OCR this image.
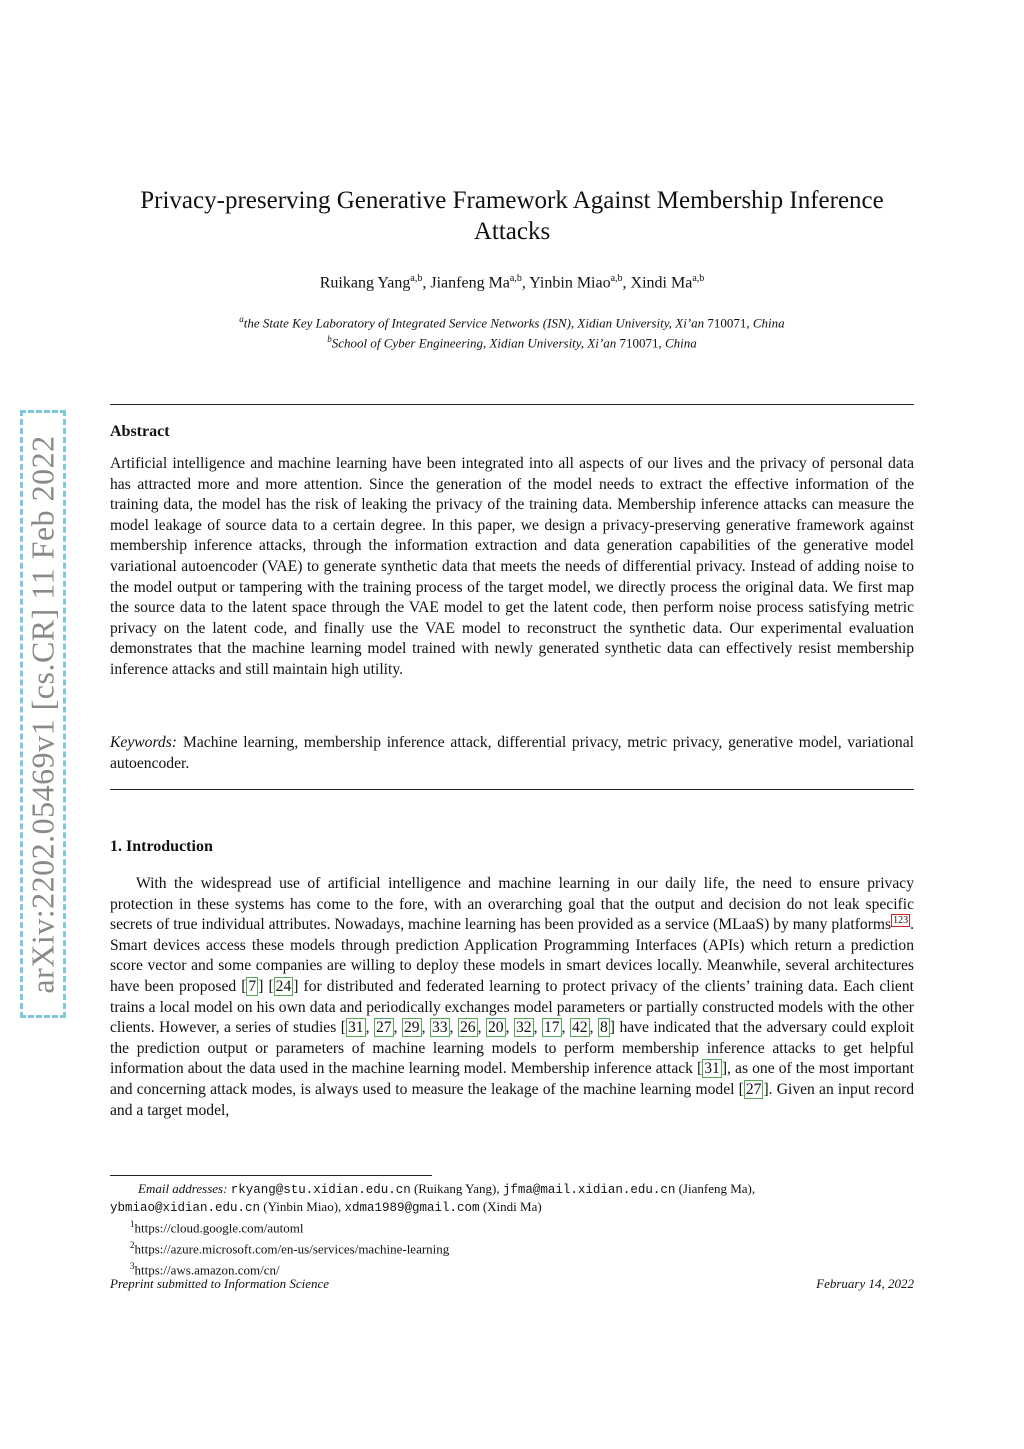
arXiv:2202.05469v1 [cs.CR] 11 Feb 2022
Privacy-preserving Generative Framework Against Membership Inference Attacks
Ruikang Yang$^{a,b}$, Jianfeng Ma$^{a,b}$, Yinbin Miao$^{a,b}$, Xindi Ma$^{a,b}$
$^a$the State Key Laboratory of Integrated Service Networks (ISN), Xidian University, Xi’an 710071, China
$^b$School of Cyber Engineering, Xidian University, Xi’an 710071, China
Abstract
Artificial intelligence and machine learning have been integrated into all aspects of our lives and the privacy of personal data has attracted more and more attention. Since the generation of the model needs to extract the effective information of the training data, the model has the risk of leaking the privacy of the training data. Membership inference attacks can measure the model leakage of source data to a certain degree. In this paper, we design a privacy-preserving generative framework against membership inference attacks, through the information extraction and data generation capabilities of the generative model variational autoencoder (VAE) to generate synthetic data that meets the needs of differential privacy. Instead of adding noise to the model output or tampering with the training process of the target model, we directly process the original data. We first map the source data to the latent space through the VAE model to get the latent code, then perform noise process satisfying metric privacy on the latent code, and finally use the VAE model to reconstruct the synthetic data. Our experimental evaluation demonstrates that the machine learning model trained with newly generated synthetic data can effectively resist membership inference attacks and still maintain high utility.
Keywords: Machine learning, membership inference attack, differential privacy, metric privacy, generative model, variational autoencoder.
1. Introduction
With the widespread use of artificial intelligence and machine learning in our daily life, the need to ensure privacy protection in these systems has come to the fore, with an overarching goal that the output and decision do not leak specific secrets of true individual attributes. Nowadays, machine learning has been provided as a service (MLaaS) by many platforms $^{123}$ . Smart devices access these models through prediction Application Programming Interfaces (APIs) which return a prediction score vector and some companies are willing to deploy these models in smart devices locally. Meanwhile, several architectures have been proposed [ 7 ] [ 24 ] for distributed and federated learning to protect privacy of the clients’ training data. Each client trains a local model on his own data and periodically exchanges model parameters or partially constructed models with the other clients. However, a series of studies [ 31 , 27 , 29 , 33 , 26 , 20 , 32 , 17 , 42 , 8 ] have indicated that the adversary could exploit the prediction output or parameters of machine learning models to perform membership inference attacks to get helpful information about the data used in the machine learning model. Membership inference attack [ 31 ], as one of the most important and concerning attack modes, is always used to measure the leakage of the machine learning model [ 27 ]. Given an input record and a target model,
Email addresses: rkyang@stu.xidian.edu.cn (Ruikang Yang), jfma@mail.xidian.edu.cn (Jianfeng Ma),
ybmiao@xidian.edu.cn (Yinbin Miao), xdma1989@gmail.com (Xindi Ma)
$^1$https://cloud.google.com/automl
$^2$https://azure.microsoft.com/en-us/services/machine-learning
$^3$https://aws.amazon.com/cn/
Preprint submitted to Information Science	February 14, 2022
